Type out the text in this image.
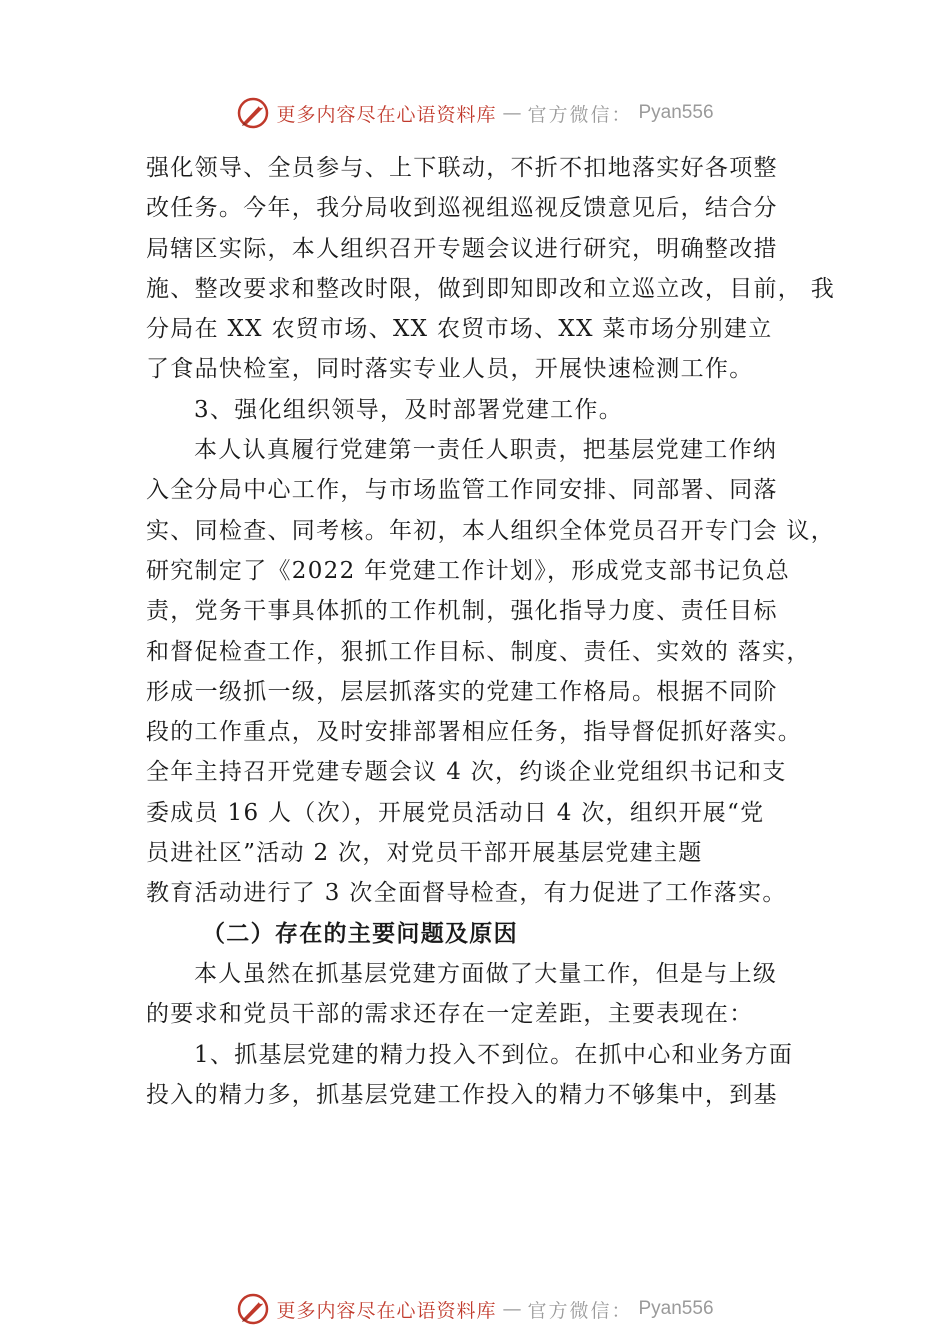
更多内容尽在心语资料库 — 官方微信： Pyan556
强化领导、全员参与、上下联动，不折不扣地落实好各项整
改任务。今年，我分局收到巡视组巡视反馈意见后，结合分
局辖区实际，本人组织召开专题会议进行研究，明确整改措
施、整改要求和整改时限，做到即知即改和立巡立改，目前， 我
分局在 XX 农贸市场、XX 农贸市场、XX 菜市场分别建立
了食品快检室，同时落实专业人员，开展快速检测工作。
3、强化组织领导，及时部署党建工作。
本人认真履行党建第一责任人职责，把基层党建工作纳
入全分局中心工作，与市场监管工作同安排、同部署、同落
实、同检查、同考核。年初，本人组织全体党员召开专门会 议，
研究制定了《2022 年党建工作计划》，形成党支部书记负总
责，党务干事具体抓的工作机制，强化指导力度、责任目标
和督促检查工作，狠抓工作目标、制度、责任、实效的 落实，
形成一级抓一级，层层抓落实的党建工作格局。根据不同阶
段的工作重点，及时安排部署相应任务，指导督促抓好落实。
全年主持召开党建专题会议 4 次，约谈企业党组织书记和支
委成员 16 人（次），开展党员活动日 4 次，组织开展“党
员进社区”活动 2 次，对党员干部开展基层党建主题
教育活动进行了 3 次全面督导检查，有力促进了工作落实。
（二）存在的主要问题及原因
本人虽然在抓基层党建方面做了大量工作，但是与上级
的要求和党员干部的需求还存在一定差距，主要表现在：
1、抓基层党建的精力投入不到位。在抓中心和业务方面
投入的精力多，抓基层党建工作投入的精力不够集中，到基
更多内容尽在心语资料库 — 官方微信： Pyan556
